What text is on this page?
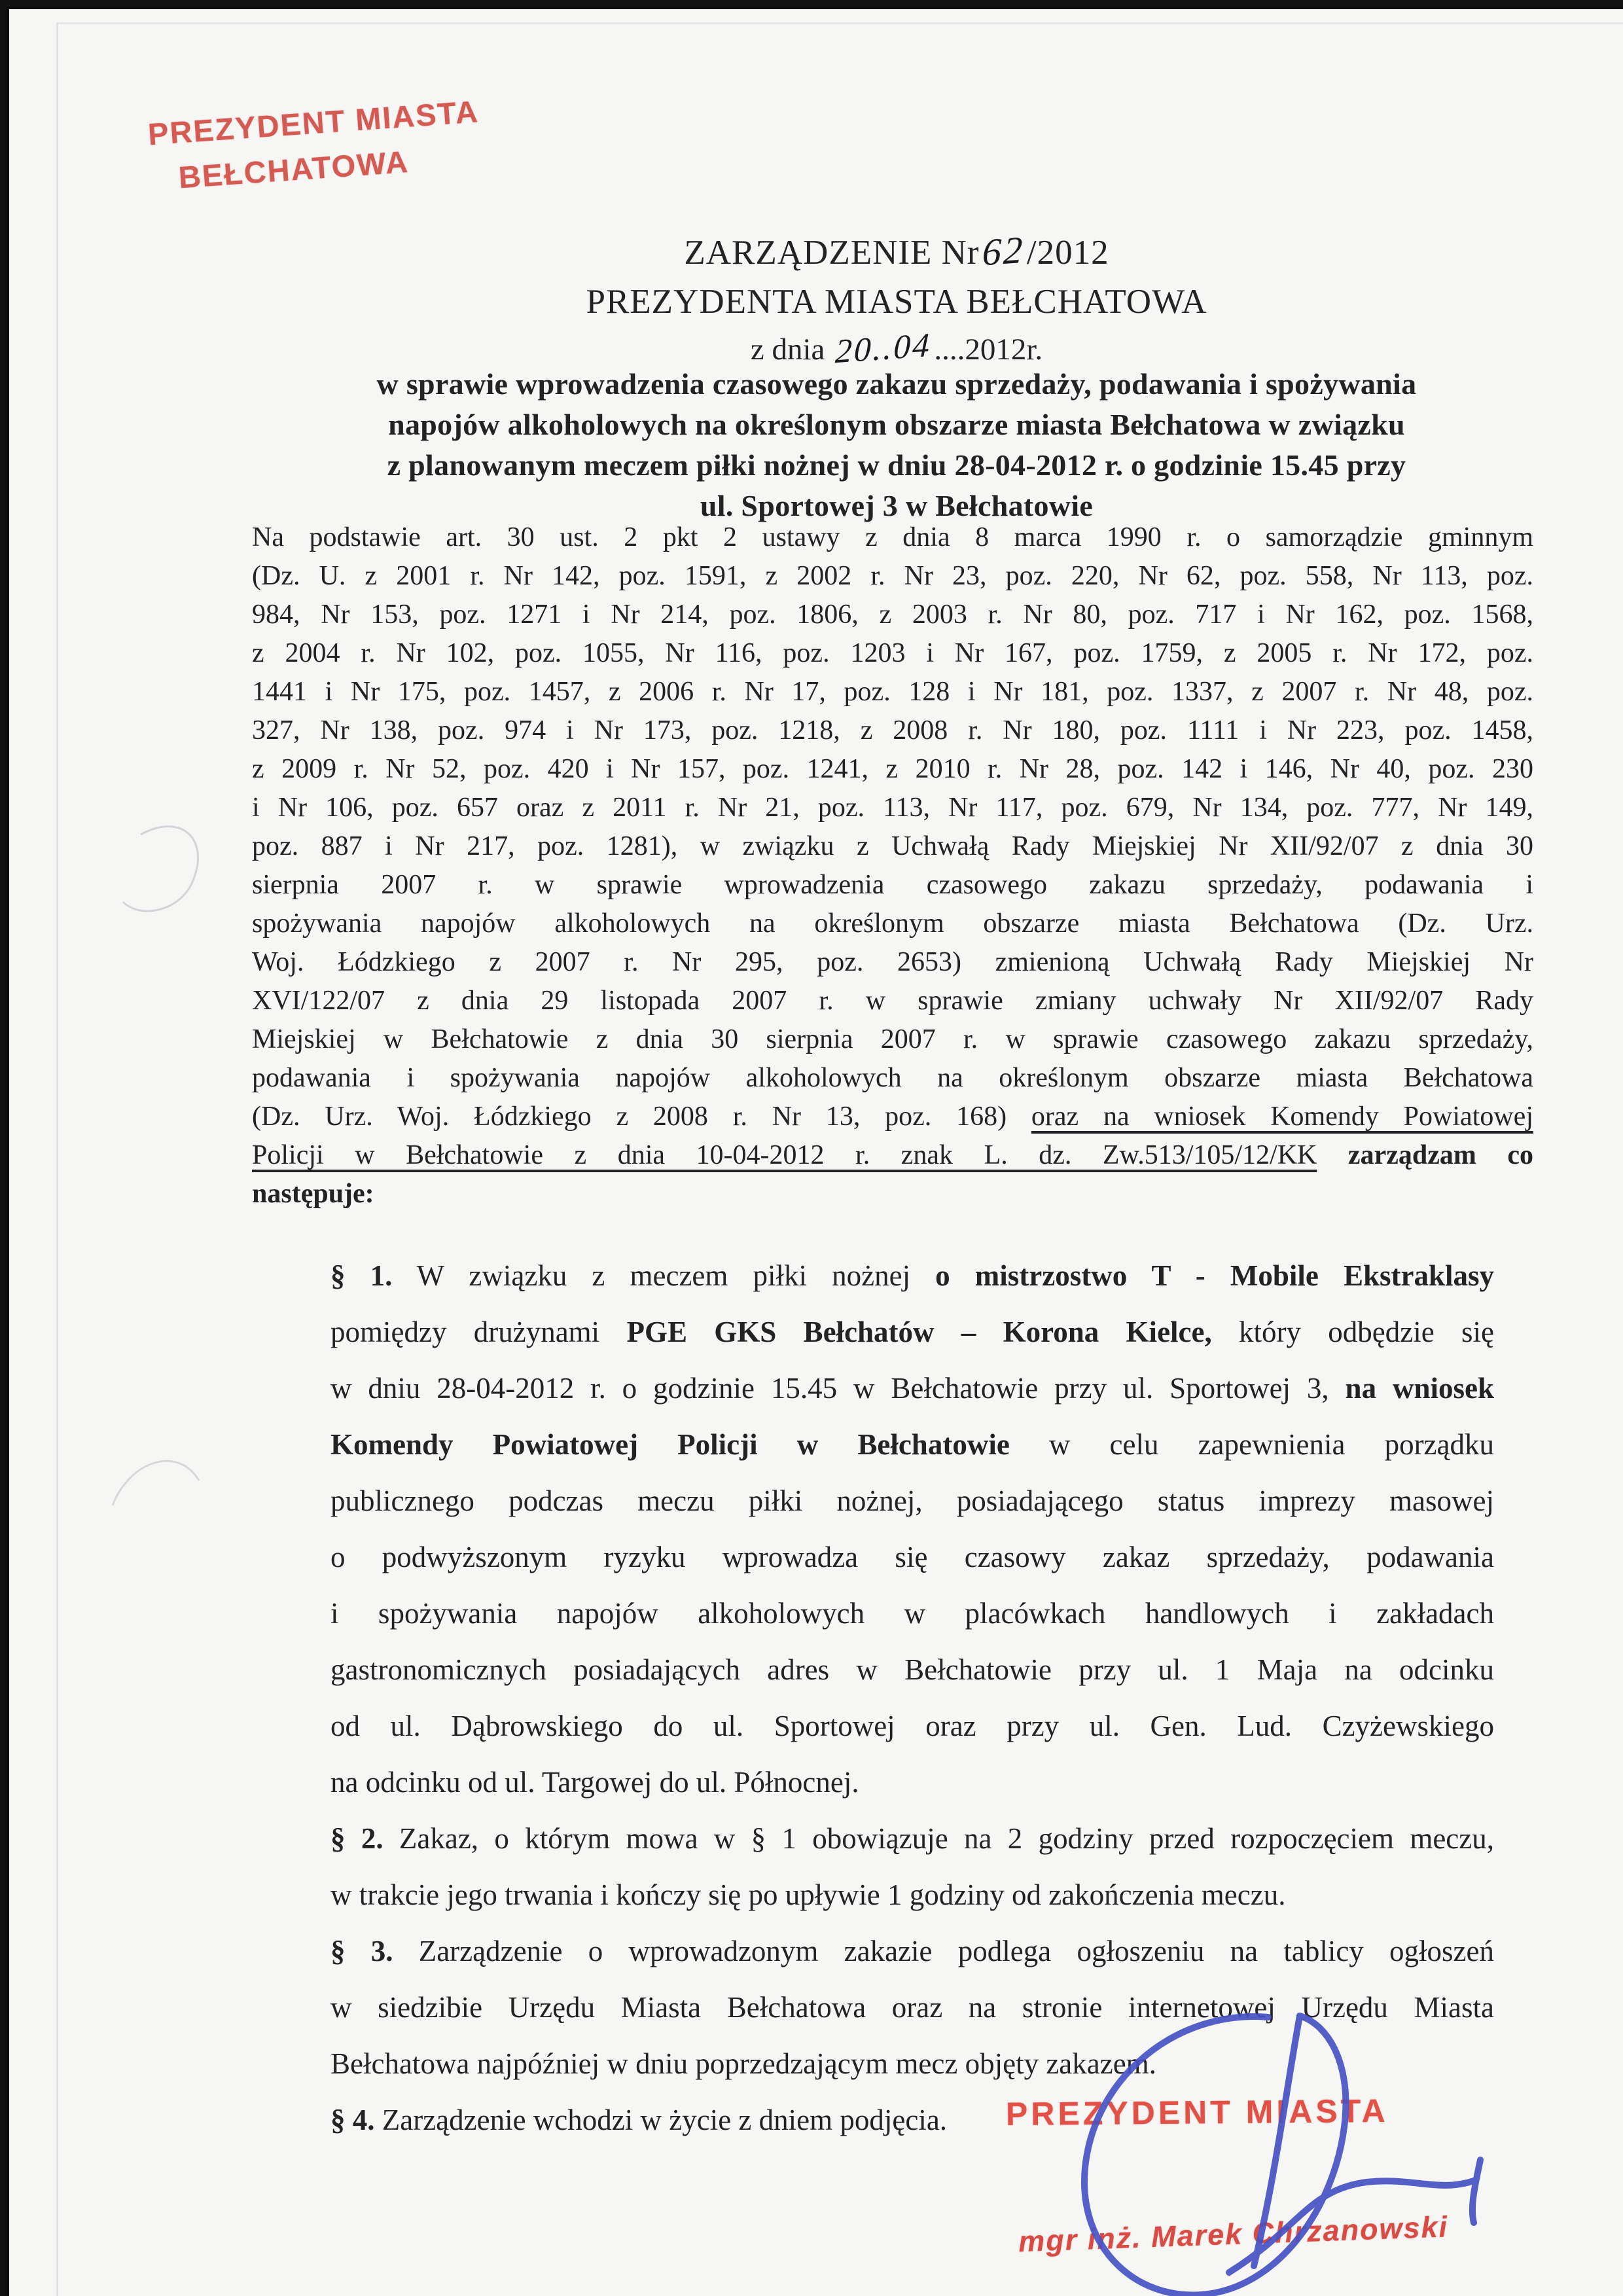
PREZYDENT MIASTA
BEŁCHATOWA
ZARZĄDZENIE Nr62/2012
PREZYDENTA MIASTA BEŁCHATOWA
z dnia 20..04....2012r.
w sprawie wprowadzenia czasowego zakazu sprzedaży, podawania i spożywania
napojów alkoholowych na określonym obszarze miasta Bełchatowa w związku
z planowanym meczem piłki nożnej w dniu 28-04-2012 r. o godzinie 15.45 przy
ul. Sportowej 3 w Bełchatowie
Na podstawie art. 30 ust. 2 pkt 2 ustawy z dnia 8 marca 1990 r. o samorządzie gminnym
(Dz. U. z 2001 r. Nr 142, poz. 1591, z 2002 r. Nr 23, poz. 220, Nr 62, poz. 558, Nr 113, poz.
984, Nr 153, poz. 1271 i Nr 214, poz. 1806, z 2003 r. Nr 80, poz. 717 i Nr 162, poz. 1568,
z 2004 r. Nr 102, poz. 1055, Nr 116, poz. 1203 i Nr 167, poz. 1759, z 2005 r. Nr 172, poz.
1441 i Nr 175, poz. 1457, z 2006 r. Nr 17, poz. 128 i Nr 181, poz. 1337, z 2007 r. Nr 48, poz.
327, Nr 138, poz. 974 i Nr 173, poz. 1218, z 2008 r. Nr 180, poz. 1111 i Nr 223, poz. 1458,
z 2009 r. Nr 52, poz. 420 i Nr 157, poz. 1241, z 2010 r. Nr 28, poz. 142 i 146, Nr 40, poz. 230
i Nr 106, poz. 657 oraz z 2011 r. Nr 21, poz. 113, Nr 117, poz. 679, Nr 134, poz. 777, Nr 149,
poz. 887 i Nr 217, poz. 1281), w związku z Uchwałą Rady Miejskiej Nr XII/92/07 z dnia 30
sierpnia 2007 r. w sprawie wprowadzenia czasowego zakazu sprzedaży, podawania i
spożywania napojów alkoholowych na określonym obszarze miasta Bełchatowa (Dz. Urz.
Woj. Łódzkiego z 2007 r. Nr 295, poz. 2653) zmienioną Uchwałą Rady Miejskiej Nr
XVI/122/07 z dnia 29 listopada 2007 r. w sprawie zmiany uchwały Nr XII/92/07 Rady
Miejskiej w Bełchatowie z dnia 30 sierpnia 2007 r. w sprawie czasowego zakazu sprzedaży,
podawania i spożywania napojów alkoholowych na określonym obszarze miasta Bełchatowa
(Dz. Urz. Woj. Łódzkiego z 2008 r. Nr 13, poz. 168) oraz na wniosek Komendy Powiatowej
Policji w Bełchatowie z dnia 10-04-2012 r. znak L. dz. Zw.513/105/12/KK zarządzam co
następuje:
§ 1. W związku z meczem piłki nożnej o mistrzostwo T - Mobile Ekstraklasy
pomiędzy drużynami PGE GKS Bełchatów – Korona Kielce, który odbędzie się
w dniu 28-04-2012 r. o godzinie 15.45 w Bełchatowie przy ul. Sportowej 3, na wniosek
Komendy Powiatowej Policji w Bełchatowie w celu zapewnienia porządku
publicznego podczas meczu piłki nożnej, posiadającego status imprezy masowej
o podwyższonym ryzyku wprowadza się czasowy zakaz sprzedaży, podawania
i spożywania napojów alkoholowych w placówkach handlowych i zakładach
gastronomicznych posiadających adres w Bełchatowie przy ul. 1 Maja na odcinku
od ul. Dąbrowskiego do ul. Sportowej oraz przy ul. Gen. Lud. Czyżewskiego
na odcinku od ul. Targowej do ul. Północnej.
§ 2. Zakaz, o którym mowa w § 1 obowiązuje na 2 godziny przed rozpoczęciem meczu,
w trakcie jego trwania i kończy się po upływie 1 godziny od zakończenia meczu.
§ 3. Zarządzenie o wprowadzonym zakazie podlega ogłoszeniu na tablicy ogłoszeń
w siedzibie Urzędu Miasta Bełchatowa oraz na stronie internetowej Urzędu Miasta
Bełchatowa najpóźniej w dniu poprzedzającym mecz objęty zakazem.
§ 4. Zarządzenie wchodzi w życie z dniem podjęcia.	PREZYDENT MIASTA
mgr inż. Marek Chrzanowski
